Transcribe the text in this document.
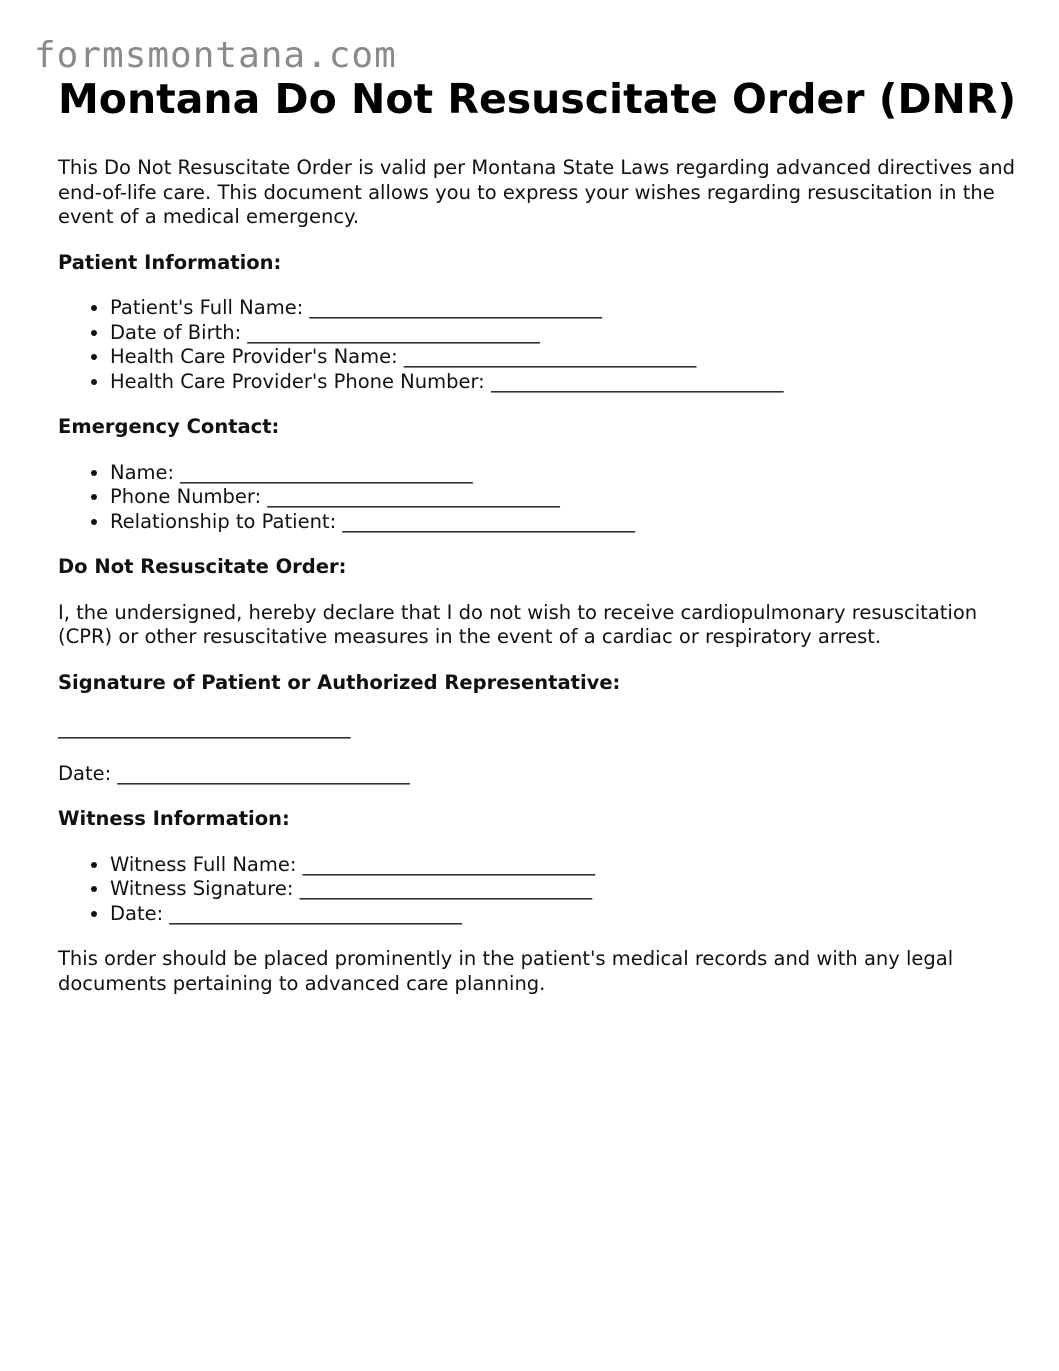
formsmontana.com
Montana Do Not Resuscitate Order (DNR)

This Do Not Resuscitate Order is valid per Montana State Laws regarding advanced directives and end-of-life care. This document allows you to express your wishes regarding resuscitation in the event of a medical emergency.

Patient Information:

• Patient's Full Name: ______________________________
• Date of Birth: ______________________________
• Health Care Provider's Name: ______________________________
• Health Care Provider's Phone Number: ______________________________

Emergency Contact:

• Name: ______________________________
• Phone Number: ______________________________
• Relationship to Patient: ______________________________

Do Not Resuscitate Order:

I, the undersigned, hereby declare that I do not wish to receive cardiopulmonary resuscitation (CPR) or other resuscitative measures in the event of a cardiac or respiratory arrest.

Signature of Patient or Authorized Representative:

______________________________

Date: ______________________________

Witness Information:

• Witness Full Name: ______________________________
• Witness Signature: ______________________________
• Date: ______________________________

This order should be placed prominently in the patient's medical records and with any legal documents pertaining to advanced care planning.
